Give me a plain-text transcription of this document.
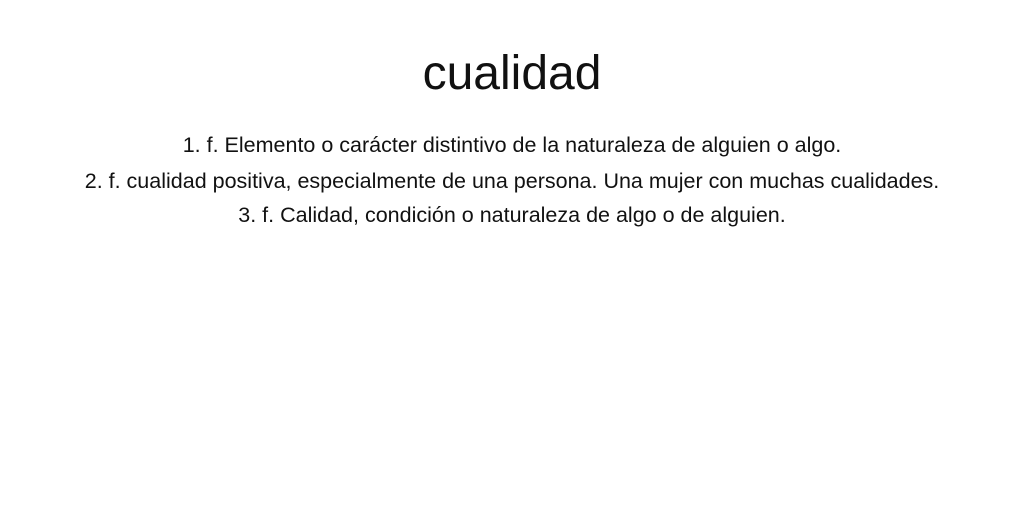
cualidad
1. f. Elemento o carácter distintivo de la naturaleza de alguien o algo.
2. f. cualidad positiva, especialmente de una persona. Una mujer con muchas cualidades.
3. f. Calidad, condición o naturaleza de algo o de alguien.
